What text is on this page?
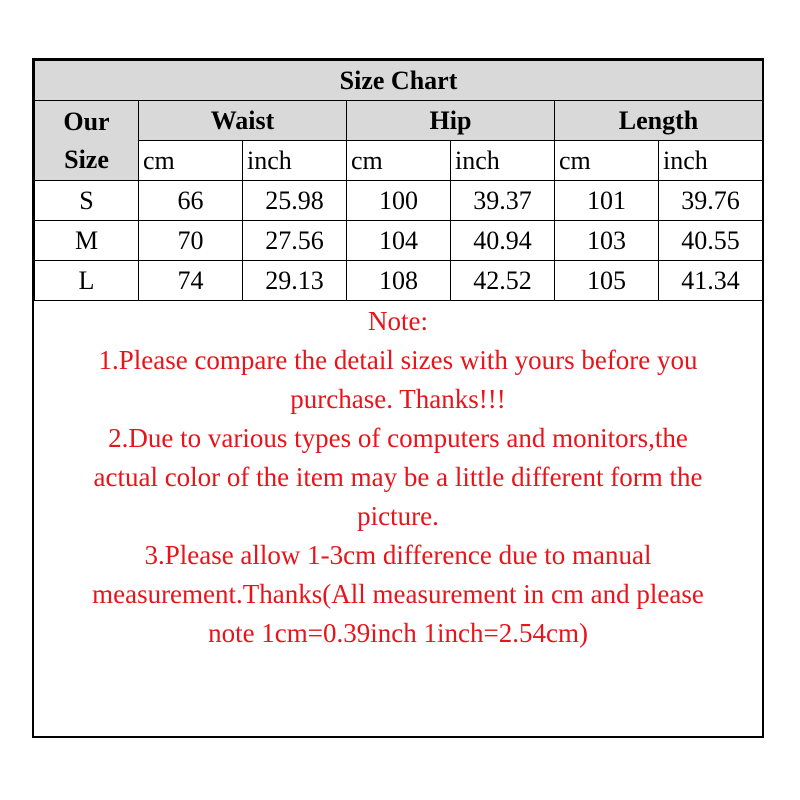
Size Chart						

Our
Size	Waist		Hip		Length	
	cm	inch	cm	inch	cm	inch
S	66	25.98	100	39.37	101	39.76
M	70	27.56	104	40.94	103	40.55
L	74	29.13	108	42.52	105	41.34

Note:

1.Please compare the detail sizes with yours before you

purchase. Thanks!!!

2.Due to various types of computers and monitors,the

actual color of the item may be a little different form the

picture.

3.Please allow 1-3cm difference due to manual

measurement.Thanks(All measurement in cm and please

note 1cm=0.39inch 1inch=2.54cm)
